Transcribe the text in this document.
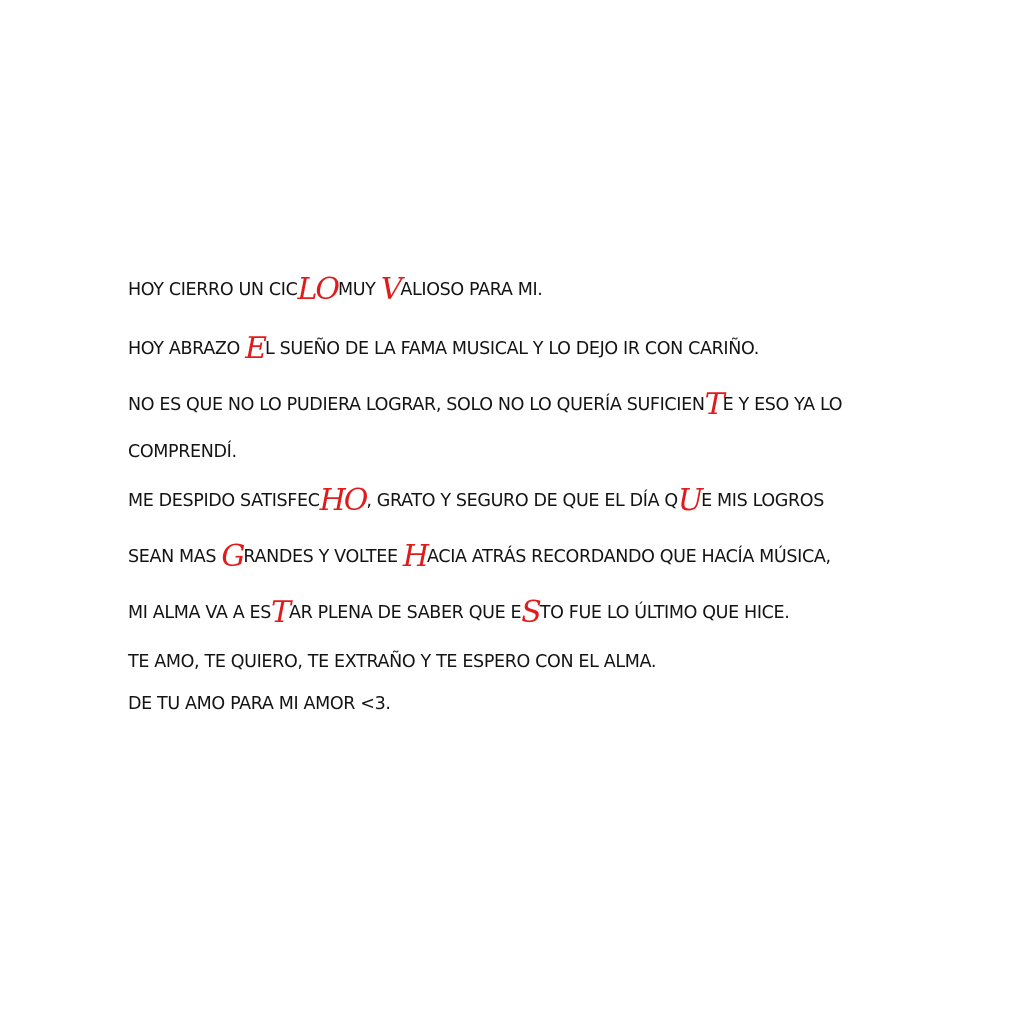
HOY CIERRO UN CICLOMUY VALIOSO PARA MI.
HOY ABRAZO EL SUEÑO DE LA FAMA MUSICAL Y LO DEJO IR CON CARIÑO.
NO ES QUE NO LO PUDIERA LOGRAR, SOLO NO LO QUERÍA SUFICIENTE Y ESO YA LO
COMPRENDÍ.
ME DESPIDO SATISFECHO, GRATO Y SEGURO DE QUE EL DÍA QUE MIS LOGROS
SEAN MAS GRANDES Y VOLTEE HACIA ATRÁS RECORDANDO QUE HACÍA MÚSICA,
MI ALMA VA A ESTAR PLENA DE SABER QUE ESTO FUE LO ÚLTIMO QUE HICE.
TE AMO, TE QUIERO, TE EXTRAÑO Y TE ESPERO CON EL ALMA.
DE TU AMO PARA MI AMOR <3.
